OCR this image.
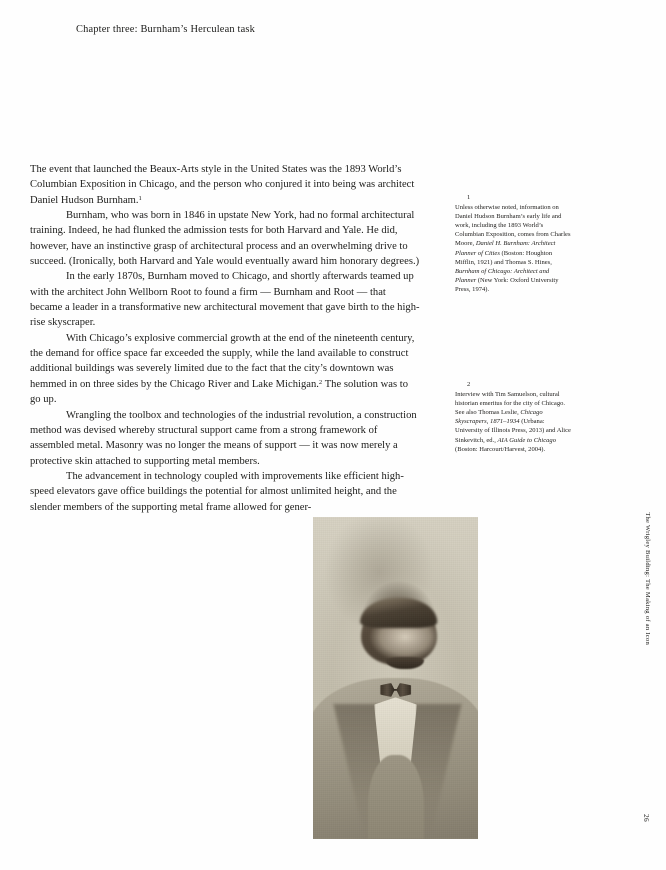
Chapter three: Burnham’s Herculean task

The event that launched the Beaux-Arts style in the United States was the 1893 World’s Columbian Exposition in Chicago, and the person who conjured it into being was architect Daniel Hudson Burnham.$^1$

Burnham, who was born in 1846 in upstate New York, had no formal architectural training. Indeed, he had flunked the admission tests for both Harvard and Yale. He did, however, have an instinctive grasp of architectural process and an overwhelming drive to succeed. (Ironically, both Harvard and Yale would eventually award him honorary degrees.)

In the early 1870s, Burnham moved to Chicago, and shortly afterwards teamed up with the architect John Wellborn Root to found a firm — Burnham and Root — that became a leader in a transformative new architectural movement that gave birth to the high-rise skyscraper.

With Chicago’s explosive commercial growth at the end of the nineteenth century, the demand for office space far exceeded the supply, while the land available to construct additional buildings was severely limited due to the fact that the city’s downtown was hemmed in on three sides by the Chicago River and Lake Michigan.$^2$ The solution was to go up.

Wrangling the toolbox and technologies of the industrial revolution, a construction method was devised whereby structural support came from a strong framework of assembled metal. Masonry was no longer the means of support — it was now merely a protective skin attached to supporting metal members.

The advancement in technology coupled with improvements like efficient high-speed elevators gave office buildings the potential for almost unlimited height, and the slender members of the supporting metal frame allowed for gener-

1
Unless otherwise noted, information on Daniel Hudson Burnham’s early life and work, including the 1893 World’s Columbian Exposition, comes from Charles Moore, Daniel H. Burnham: Architect Planner of Cities (Boston: Houghton Mifflin, 1921) and Thomas S. Hines, Burnham of Chicago: Architect and Planner (New York: Oxford University Press, 1974).
2
Interview with Tim Samuelson, cultural historian emeritus for the city of Chicago. See also Thomas Leslie, Chicago Skyscrapers, 1871–1934 (Urbana: University of Illinois Press, 2013) and Alice Sinkevitch, ed., AIA Guide to Chicago (Boston: Harcourt/Harvest, 2004).
The Wrigley Building: The Making of an Icon
26
